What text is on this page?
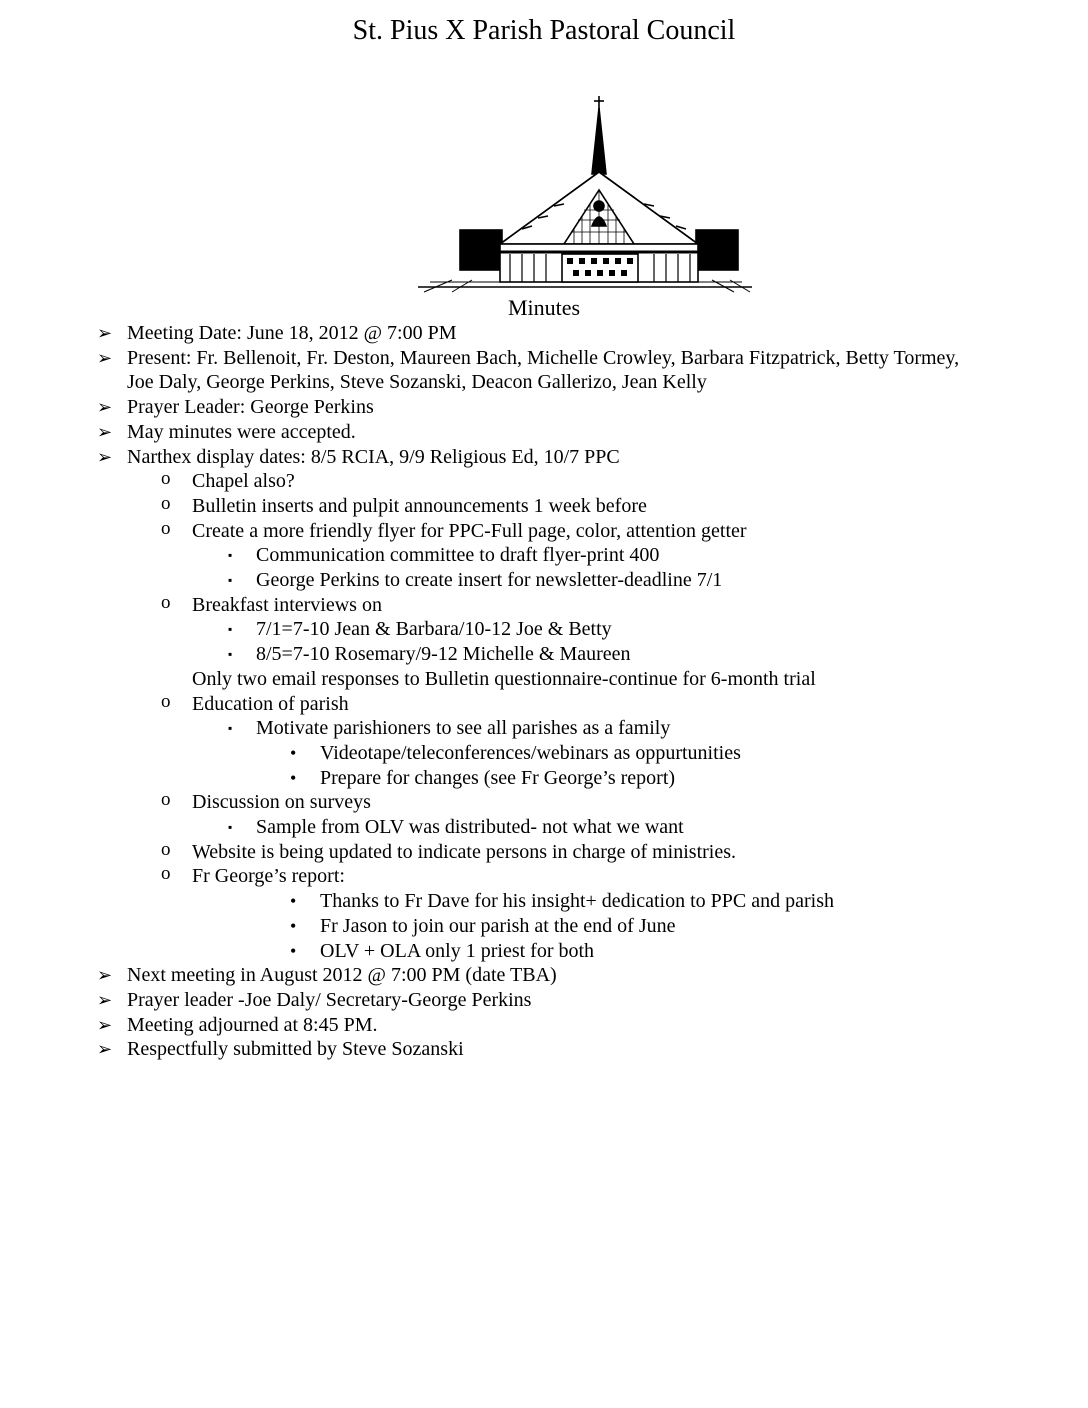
St. Pius X Parish Pastoral Council
Minutes
➢ Meeting Date: June 18, 2012 @ 7:00 PM
➢ Present: Fr. Bellenoit, Fr. Deston, Maureen Bach, Michelle Crowley, Barbara Fitzpatrick, Betty Tormey,
Joe Daly, George Perkins, Steve Sozanski, Deacon Gallerizo, Jean Kelly
➢ Prayer Leader: George Perkins
➢ May minutes were accepted.
➢ Narthex display dates: 8/5 RCIA, 9/9 Religious Ed, 10/7 PPC
o Chapel also?
o Bulletin inserts and pulpit announcements 1 week before
o Create a more friendly flyer for PPC-Full page, color, attention getter
▪ Communication committee to draft flyer-print 400
▪ George Perkins to create insert for newsletter-deadline 7/1
o Breakfast interviews on
▪ 7/1=7-10 Jean & Barbara/10-12 Joe & Betty
▪ 8/5=7-10 Rosemary/9-12 Michelle & Maureen
Only two email responses to Bulletin questionnaire-continue for 6-month trial
o Education of parish
▪ Motivate parishioners to see all parishes as a family
• Videotape/teleconferences/webinars as oppurtunities
• Prepare for changes (see Fr George’s report)
o Discussion on surveys
▪ Sample from OLV was distributed- not what we want
o Website is being updated to indicate persons in charge of ministries.
o Fr George’s report:
• Thanks to Fr Dave for his insight+ dedication to PPC and parish
• Fr Jason to join our parish at the end of June
• OLV + OLA only 1 priest for both
➢ Next meeting in August 2012 @ 7:00 PM (date TBA)
➢ Prayer leader -Joe Daly/ Secretary-George Perkins
➢ Meeting adjourned at 8:45 PM.
➢ Respectfully submitted by Steve Sozanski
